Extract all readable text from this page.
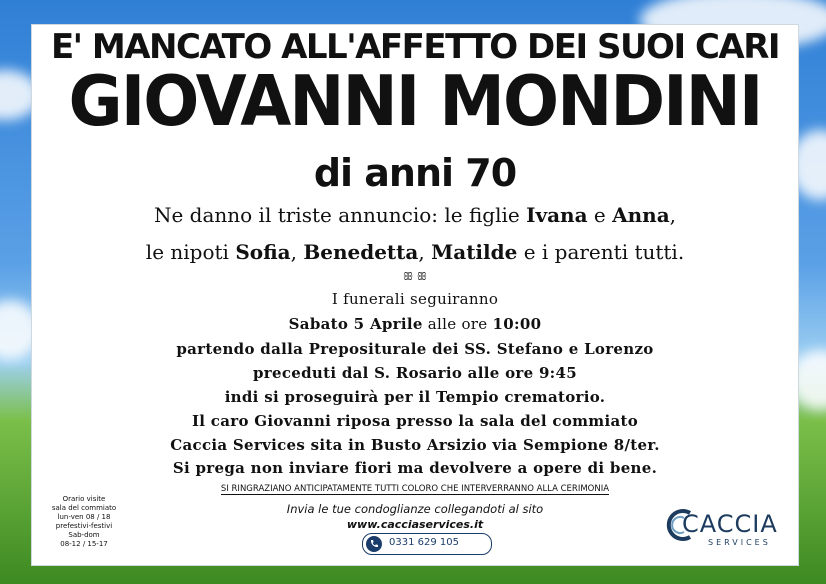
E' MANCATO ALL'AFFETTO DEI SUOI CARI
GIOVANNI MONDINI
di anni 70
Ne danno il triste annuncio: le figlie Ivana e Anna,
le nipoti Sofia, Benedetta, Matilde e i parenti tutti.
ꕥ ꕥ
I funerali seguiranno
Sabato 5 Aprile alle ore 10:00
partendo dalla Prepositurale dei SS. Stefano e Lorenzo
preceduti dal S. Rosario alle ore 9:45
indi si proseguirà per il Tempio crematorio.
Il caro Giovanni riposa presso la sala del commiato
Caccia Services sita in Busto Arsizio via Sempione 8/ter.
Si prega non inviare fiori ma devolvere a opere di bene.
SI RINGRAZIANO ANTICIPATAMENTE TUTTI COLORO CHE INTERVERRANNO ALLA CERIMONIA
Invia le tue condoglianze collegandoti al sito
www.cacciaservices.it
0331 629 105
Orario visite
sala del commiato
lun-ven 08 / 18
prefestivi-festivi
Sab-dom
08-12 / 15-17
CACCIA
SERVICES
